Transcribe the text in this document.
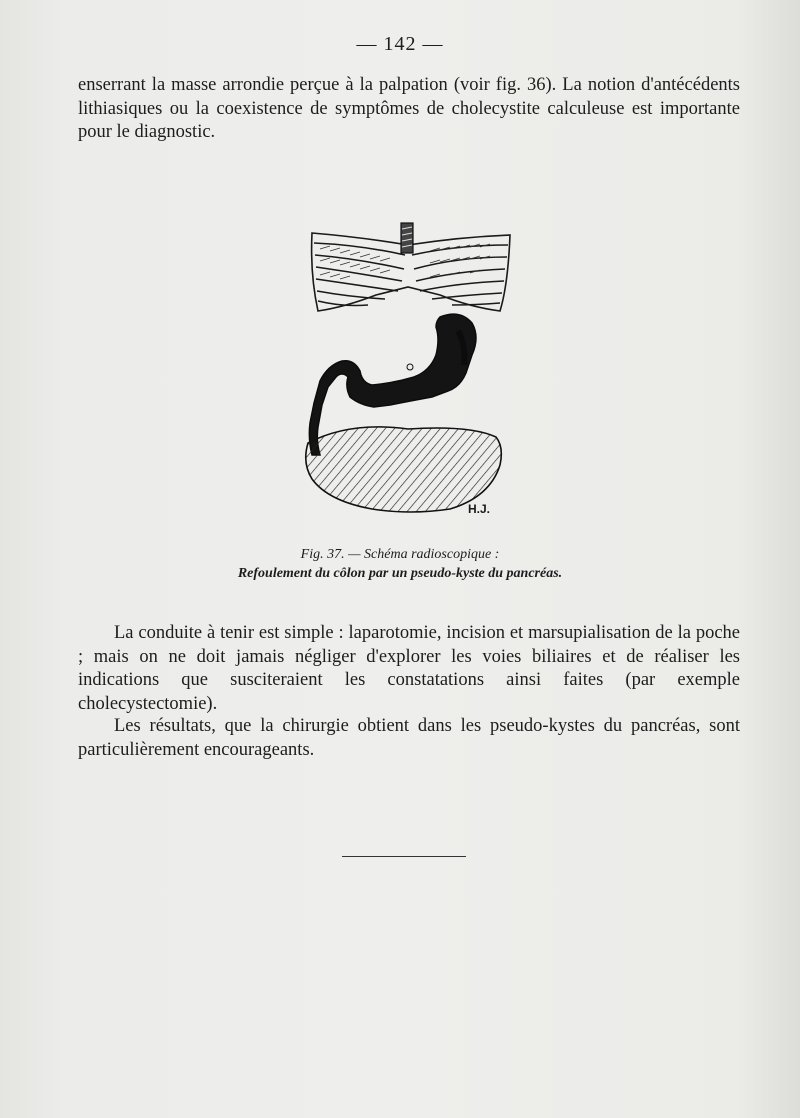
— 142 —

enserrant la masse arrondie perçue à la palpation (voir fig. 36). La notion d'antécédents lithiasiques ou la coexistence de symptômes de cholecystite calculeuse est importante pour le diagnostic.

H.J.
Fig. 37. — Schéma radioscopique :
Refoulement du côlon par un pseudo-kyste du pancréas.

La conduite à tenir est simple : laparotomie, incision et marsupialisation de la poche ; mais on ne doit jamais négliger d'explorer les voies biliaires et de réaliser les indications que susciteraient les constatations ainsi faites (par exemple cholecystectomie).

Les résultats, que la chirurgie obtient dans les pseudo-kystes du pancréas, sont particulièrement encourageants.
